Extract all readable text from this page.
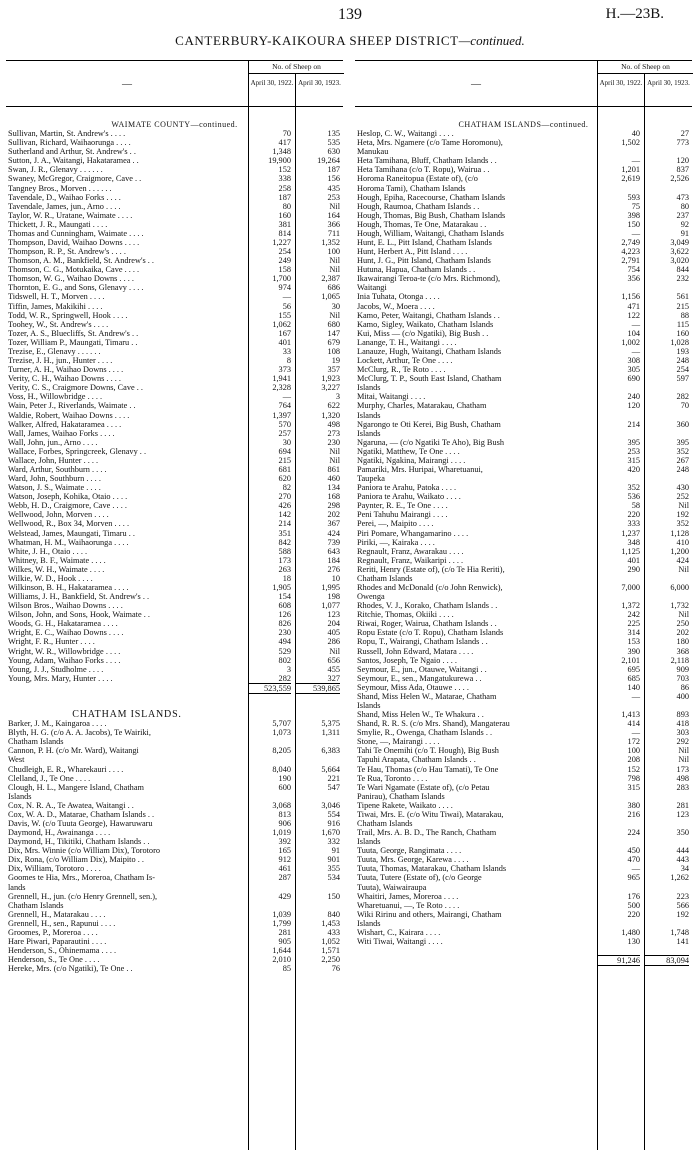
139	H.—23B.
CANTERBURY-KAIKOURA SHEEP DISTRICT—continued.
—
No. of Sheep on
April 30, 1922. April 30, 1923.
WAIMATE COUNTY—continued.
Sullivan, Martin, St. Andrew's . . . .	70	135
Sullivan, Richard, Waihaorunga . . . .	417	535
Sutherland and Arthur, St. Andrew's . .	1,348	630
Sutton, J. A., Waitangi, Hakataramea . .	19,900	19,264
Swan, J. R., Glenavy . . . . . .	152	187
Swaney, McGregor, Craigmore, Cave . .	338	156
Tangney Bros., Morven . . . . . .	258	435
Tavendale, D., Waihao Forks . . . .	187	253
Tavendale, James, jun., Arno . . . .	80	Nil
Taylor, W. R., Uratane, Waimate . . . .	160	164
Thickett, J. R., Maungati . . . .	381	366
Thomas and Cunningham, Waimate . . . .	814	711
Thompson, David, Waihao Downs . . . .	1,227	1,352
Thompson, R. P., St. Andrew's . . . .	254	100
Thomson, A. M., Bankfield, St. Andrew's . .	249	Nil
Thomson, C. G., Motukaika, Cave . . . .	158	Nil
Thomson, W. G., Waihao Downs . . . .	1,700	2,387
Thornton, E. G., and Sons, Glenavy . . . .	974	686
Tidswell, H. T., Morven . . . .	—	1,065
Tiffin, James, Makikihi . . . .	56	30
Todd, W. R., Springwell, Hook . . . .	155	Nil
Toohey, W., St. Andrew's . . . .	1,062	680
Tozer, A. S., Bluecliffs, St. Andrew's . .	167	147
Tozer, William P., Maungati, Timaru . .	401	679
Trezise, E., Glenavy . . . . . .	33	108
Trezise, J. H., jun., Hunter . . . .	8	19
Turner, A. H., Waihao Downs . . . .	373	357
Verity, C. H., Waihao Downs . . . .	1,941	1,923
Verity, C. S., Craigmore Downs, Cave . .	2,328	3,227
Voss, H., Willowbridge . . . .	—	3
Wain, Peter J., Riverlands, Waimate . .	764	622
Waldie, Robert, Waihao Downs . . . .	1,397	1,320
Walker, Alfred, Hakataramea . . . .	570	498
Wall, James, Waihao Forks . . . .	257	273
Wall, John, jun., Arno . . . .	30	230
Wallace, Forbes, Springcreek, Glenavy . .	694	Nil
Wallace, John, Hunter . . . .	215	Nil
Ward, Arthur, Southburn . . . .	681	861
Ward, John, Southburn . . . .	620	460
Watson, J. S., Waimate . . . .	82	134
Watson, Joseph, Kohika, Otaio . . . .	270	168
Webb, H. D., Craigmore, Cave . . . .	426	298
Wellwood, John, Morven . . . .	142	202
Wellwood, R., Box 34, Morven . . . .	214	367
Welstead, James, Maungati, Timaru . .	351	424
Whatman, H. M., Waihaorunga . . . .	842	739
White, J. H., Otaio . . . .	588	643
Whitney, B. F., Waimate . . . .	173	184
Wilkes, W. H., Waimate . . . .	263	276
Wilkie, W. D., Hook . . . .	18	10
Wilkinson, B. H., Hakataramea . . . .	1,905	1,995
Williams, J. H., Bankfield, St. Andrew's . .	154	198
Wilson Bros., Waihao Downs . . . .	608	1,077
Wilson, John, and Sons, Hook, Waimate . .	126	123
Woods, G. H., Hakataramea . . . .	826	204
Wright, E. C., Waihao Downs . . . .	230	405
Wright, F. R., Hunter . . . .	494	286
Wright, W. R., Willowbridge . . . .	529	Nil
Young, Adam, Waihao Forks . . . .	802	656
Young, J. J., Studholme . . . .	3	455
Young, Mrs. Mary, Hunter . . . .	282	327
523,559	539,865
CHATHAM ISLANDS.
Barker, J. M., Kaingaroa . . . .	5,707	5,375
Blyth, H. G. (c/o A. A. Jacobs), Te Wairiki,	1,073	1,311
Chatham Islands
Cannon, P. H. (c/o Mr. Ward), Waitangi	8,205	6,383
West
Chudleigh, E. R., Wharekauri . . . .	8,040	5,664
Clelland, J., Te One . . . .	190	221
Clough, H. L., Mangere Island, Chatham	600	547
Islands
Cox, N. R. A., Te Awatea, Waitangi . .	3,068	3,046
Cox, W. A. D., Matarae, Chatham Islands . .	813	554
Davis, W. (c/o Tuuta George), Hawaruwaru	906	916
Daymond, H., Awainanga . . . .	1,019	1,670
Daymond, H., Tikitiki, Chatham Islands . .	392	332
Dix, Mrs. Winnie (c/o William Dix), Torotoro	165	91
Dix, Rona, (c/o William Dix), Maipito . .	912	901
Dix, William, Torotoro . . . .	461	355
Goomes te Hia, Mrs., Moreroa, Chatham Is-	287	534
lands
Grennell, H., jun. (c/o Henry Grennell, sen.),	429	150
Chatham Islands
Grennell, H., Matarakau . . . .	1,039	840
Grennell, H., sen., Rapunui . . . .	1,799	1,453
Groomes, P., Moreroa . . . .	281	433
Hare Piwari, Paparautini . . . .	905	1,052
Henderson, S., Ohinemama . . . .	1,644	1,571
Henderson, S., Te One . . . .	2,010	2,250
Hereke, Mrs. (c/o Ngatiki), Te One . .	85	76
—
No. of Sheep on
April 30, 1922. April 30, 1923.
CHATHAM ISLANDS—continued.
Heslop, C. W., Waitangi . . . .	40	27
Heta, Mrs. Ngamere (c/o Tame Horomonu),	1,502	773
Manukau
Heta Tamihana, Bluff, Chatham Islands . .	—	120
Heta Tamihana (c/o T. Ropu), Wairua . .	1,201	837
Horoma Raneitopua (Estate of), (c/o	2,619	2,526
Horoma Tami), Chatham Islands
Hough, Epiha, Racecourse, Chatham Islands	593	473
Hough, Raumoa, Chatham Islands . .	75	80
Hough, Thomas, Big Bush, Chatham Islands	398	237
Hough, Thomas, Te One, Matarakau . .	150	92
Hough, William, Waitangi, Chatham Islands	—	91
Hunt, E. L., Pitt Island, Chatham Islands	2,749	3,049
Hunt, Herbert A., Pitt Island . . . .	4,223	3,622
Hunt, J. G., Pitt Island, Chatham Islands	2,791	3,020
Hutuna, Hapua, Chatham Islands . .	754	844
Ikawairangi Teroa-te (c/o Mrs. Richmond),	356	232
Waitangi
Inia Tuhata, Otonga . . . .	1,156	561
Jacobs, W., Moera . . . .	471	215
Kamo, Peter, Waitangi, Chatham Islands . .	122	88
Kamo, Sigley, Waikato, Chatham Islands	—	115
Kui, Miss — (c/o Ngatiki), Big Bush . .	104	160
Lanange, T. H., Waitangi . . . .	1,002	1,028
Lanauze, Hugh, Waitangi, Chatham Islands	—	193
Lockett, Arthur, Te One . . . .	308	248
McClurg, R., Te Roto . . . .	305	254
McClurg, T. P., South East Island, Chatham	690	597
Islands
Mitai, Waitangi . . . .	240	282
Murphy, Charles, Matarakau, Chatham	120	70
Islands
Ngarongo te Oti Kerei, Big Bush, Chatham	214	360
Islands
Ngaruna, — (c/o Ngatiki Te Aho), Big Bush	395	395
Ngatiki, Matthew, Te One . . . .	253	352
Ngatiki, Ngakina, Mairangi . . . .	315	267
Pamariki, Mrs. Huripai, Wharetuanui,	420	248
Taupeka
Paniora te Arahu, Patoka . . . .	352	430
Paniora te Arahu, Waikato . . . .	536	252
Paynter, R. E., Te One . . . .	58	Nil
Peni Tahuhu Mairangi . . . .	220	192
Perei, —, Maipito . . . .	333	352
Piri Pomare, Whangamarino . . . .	1,237	1,128
Piriki, —, Kairaka . . . .	348	410
Regnault, Franz, Awarakau . . . .	1,125	1,200
Regnault, Franz, Waikaripi . . . .	401	424
Reriti, Henry (Estate of), (c/o Te Hia Reriti),	290	Nil
Chatham Islands
Rhodes and McDonald (c/o John Renwick),	7,000	6,000
Owenga
Rhodes, V. J., Korako, Chatham Islands . .	1,372	1,732
Ritchie, Thomas, Okiiki . . . .	242	Nil
Riwai, Roger, Wairua, Chatham Islands . .	225	250
Ropu Estate (c/o T. Ropu), Chatham Islands	314	202
Ropu, T., Wairangi, Chatham Islands . .	153	180
Russell, John Edward, Matara . . . .	390	368
Santos, Joseph, Te Ngaio . . . .	2,101	2,118
Seymour, E., jun., Otauwe, Waitangi . .	695	909
Seymour, E., sen., Mangatukurewa . .	685	703
Seymour, Miss Ada, Otauwe . . . .	140	86
Shand, Miss Helen W., Matarae, Chatham	—	400
Islands
Shand, Miss Helen W., Te Whakura . .	1,413	893
Shand, R. R. S. (c/o Mrs. Shand), Mangaterau	414	418
Smylie, R., Owenga, Chatham Islands . .	—	303
Stone, —, Mairangi . . . .	172	292
Tahi Te Onemihi (c/o T. Hough), Big Bush	100	Nil
Tapuhi Arapata, Chatham Islands . .	208	Nil
Te Hau, Thomas (c/o Hau Tamati), Te One	152	173
Te Rua, Toronto . . . .	798	498
Te Wari Ngamate (Estate of), (c/o Petau	315	283
Panirau), Chatham Islands
Tipene Rakete, Waikato . . . .	380	281
Tiwai, Mrs. E. (c/o Witu Tiwai), Matarakau,	216	123
Chatham Islands
Trail, Mrs. A. B. D., The Ranch, Chatham	224	350
Islands
Tuuta, George, Rangimata . . . .	450	444
Tuuta, Mrs. George, Karewa . . . .	470	443
Tuuta, Thomas, Matarakau, Chatham Islands	—	34
Tuuta, Tutere (Estate of), (c/o George	965	1,262
Tuuta), Waiwairaupa
Whaitiri, James, Moreroa . . . .	176	223
Wharetuanui, —, Te Roto . . . .	500	566
Wiki Ririnu and others, Mairangi, Chatham	220	192
Islands
Wishart, C., Kairara . . . .	1,480	1,748
Witi Tiwai, Waitangi . . . .	130	141
91,246	83,094
